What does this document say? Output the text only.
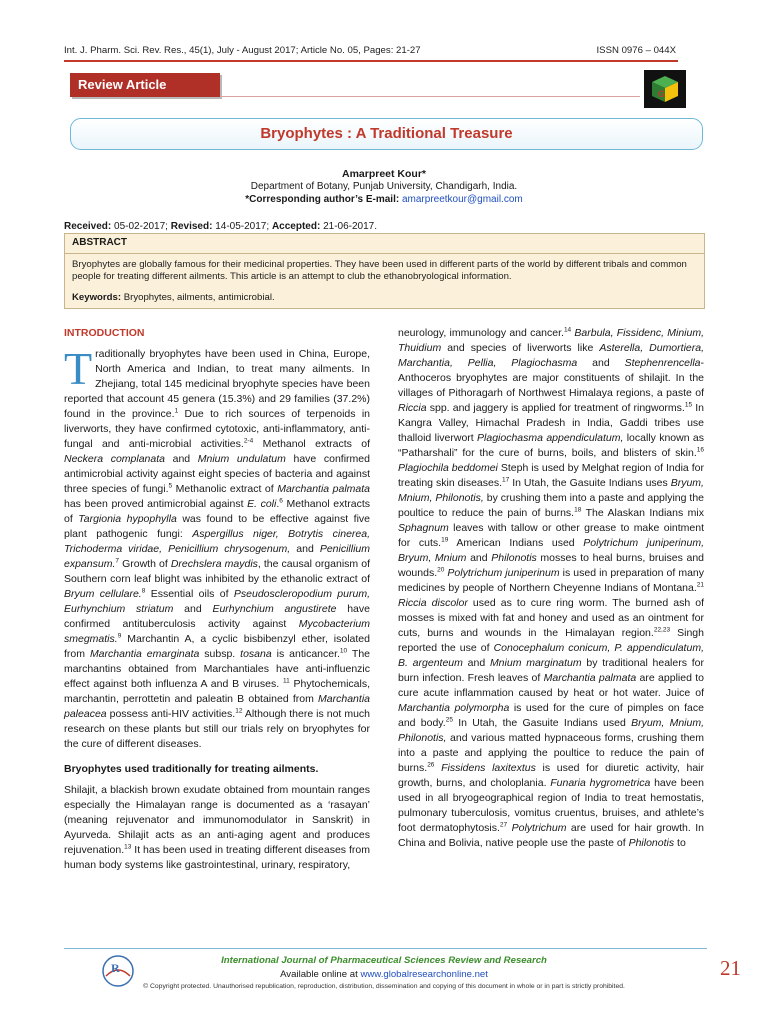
Int. J. Pharm. Sci. Rev. Res., 45(1), July - August 2017; Article No. 05, Pages: 21-27	ISSN 0976 – 044X
Review Article
G
Bryophytes : A Traditional Treasure
Amarpreet Kour*
Department of Botany, Punjab University, Chandigarh, India.
*Corresponding author’s E-mail: amarpreetkour@gmail.com
Received: 05-02-2017; Revised: 14-05-2017; Accepted: 21-06-2017.
ABSTRACT
Bryophytes are globally famous for their medicinal properties. They have been used in different parts of the world by different tribals and common people for treating different ailments. This article is an attempt to club the ethanobryological information.
Keywords: Bryophytes, ailments, antimicrobial.
INTRODUCTION

Traditionally bryophytes have been used in China, Europe, North America and Indian, to treat many ailments. In Zhejiang, total 145 medicinal bryophyte species have been reported that account 45 genera (15.3%) and 29 families (37.2%) found in the province.$^1$ Due to rich sources of terpenoids in liverworts, they have confirmed cytotoxic, anti-inflammatory, anti-fungal and anti-microbial activities.$^{2-4}$ Methanol extracts of Neckera complanata and Mnium undulatum have confirmed antimicrobial activity against eight species of bacteria and against three species of fungi.$^5$ Methanolic extract of Marchantia palmata has been proved antimicrobial against E. coli.$^6$ Methanol extracts of Targionia hypophylla was found to be effective against five plant pathogenic fungi: Aspergillus niger, Botrytis cinerea, Trichoderma viridae, Penicillium chrysogenum, and Penicillium expansum.$^7$ Growth of Drechslera maydis, the causal organism of Southern corn leaf blight was inhibited by the ethanolic extract of Bryum cellulare.$^8$ Essential oils of Pseudoscleropodium purum, Eurhynchium striatum and Eurhynchium angustirete have confirmed antituberculosis activity against Mycobacterium smegmatis.$^9$ Marchantin A, a cyclic bisbibenzyl ether, isolated from Marchantia emarginata subsp. tosana is anticancer.$^{10}$ The marchantins obtained from Marchantiales have anti-influenzic effect against both influenza A and B viruses. $^{11}$ Phytochemicals, marchantin, perrottetin and paleatin B obtained from Marchantia paleacea possess anti-HIV activities.$^{12}$ Although there is not much research on these plants but still our trials rely on bryophytes for the cure of different diseases.

Bryophytes used traditionally for treating ailments.

Shilajit, a blackish brown exudate obtained from mountain ranges especially the Himalayan range is documented as a ‘rasayan’ (meaning rejuvenator and immunomodulator in Sanskrit) in Ayurveda. Shilajit acts as an anti-aging agent and produces rejuvenation.$^{13}$ It has been used in treating different diseases from human body systems like gastrointestinal, urinary, respiratory,

neurology, immunology and cancer.$^{14}$ Barbula, Fissidenc, Minium, Thuidium and species of liverworts like Asterella, Dumortiera, Marchantia, Pellia, Plagiochasma and Stephenrencella-Anthoceros bryophytes are major constituents of shilajit. In the villages of Pithoragarh of Northwest Himalaya regions, a paste of Riccia spp. and jaggery is applied for treatment of ringworms.$^{15}$ In Kangra Valley, Himachal Pradesh in India, Gaddi tribes use thalloid liverwort Plagiochasma appendiculatum, locally known as “Patharshali” for the cure of burns, boils, and blisters of skin.$^{16}$ Plagiochila beddomei Steph is used by Melghat region of India for treating skin diseases.$^{17}$ In Utah, the Gasuite Indians uses Bryum, Mnium, Philonotis, by crushing them into a paste and applying the poultice to reduce the pain of burns.$^{18}$ The Alaskan Indians mix Sphagnum leaves with tallow or other grease to make ointment for cuts.$^{19}$ American Indians used Polytrichum juniperinum, Bryum, Mnium and Philonotis mosses to heal burns, bruises and wounds.$^{20}$ Polytrichum juniperinum is used in preparation of many medicines by people of Northern Cheyenne Indians of Montana.$^{21}$ Riccia discolor used as to cure ring worm. The burned ash of mosses is mixed with fat and honey and used as an ointment for cuts, burns and wounds in the Himalayan region.$^{22,23}$ Singh reported the use of Conocephalum conicum, P. appendiculatum, B. argenteum and Mnium marginatum by traditional healers for burn infection. Fresh leaves of Marchantia palmata are applied to cure acute inflammation caused by heat or hot water. Juice of Marchantia polymorpha is used for the cure of pimples on face and body.$^{25}$ In Utah, the Gasuite Indians used Bryum, Mnium, Philonotis, and various matted hypnaceous forms, crushing them into a paste and applying the poultice to reduce the pain of burns.$^{26}$ Fissidens laxitextus is used for diuretic activity, hair growth, burns, and choloplania. Funaria hygrometrica have been used in all bryogeographical region of India to treat hemostatis, pulmonary tuberculosis, vomitus cruentus, bruises, and athlete’s foot dermatophytosis.$^{27}$ Polytrichum are used for hair growth. In China and Bolivia, native people use the paste of Philonotis to

R
International Journal of Pharmaceutical Sciences Review and Research
Available online at www.globalresearchonline.net
© Copyright protected. Unauthorised republication, reproduction, distribution, dissemination and copying of this document in whole or in part is strictly prohibited.
21
